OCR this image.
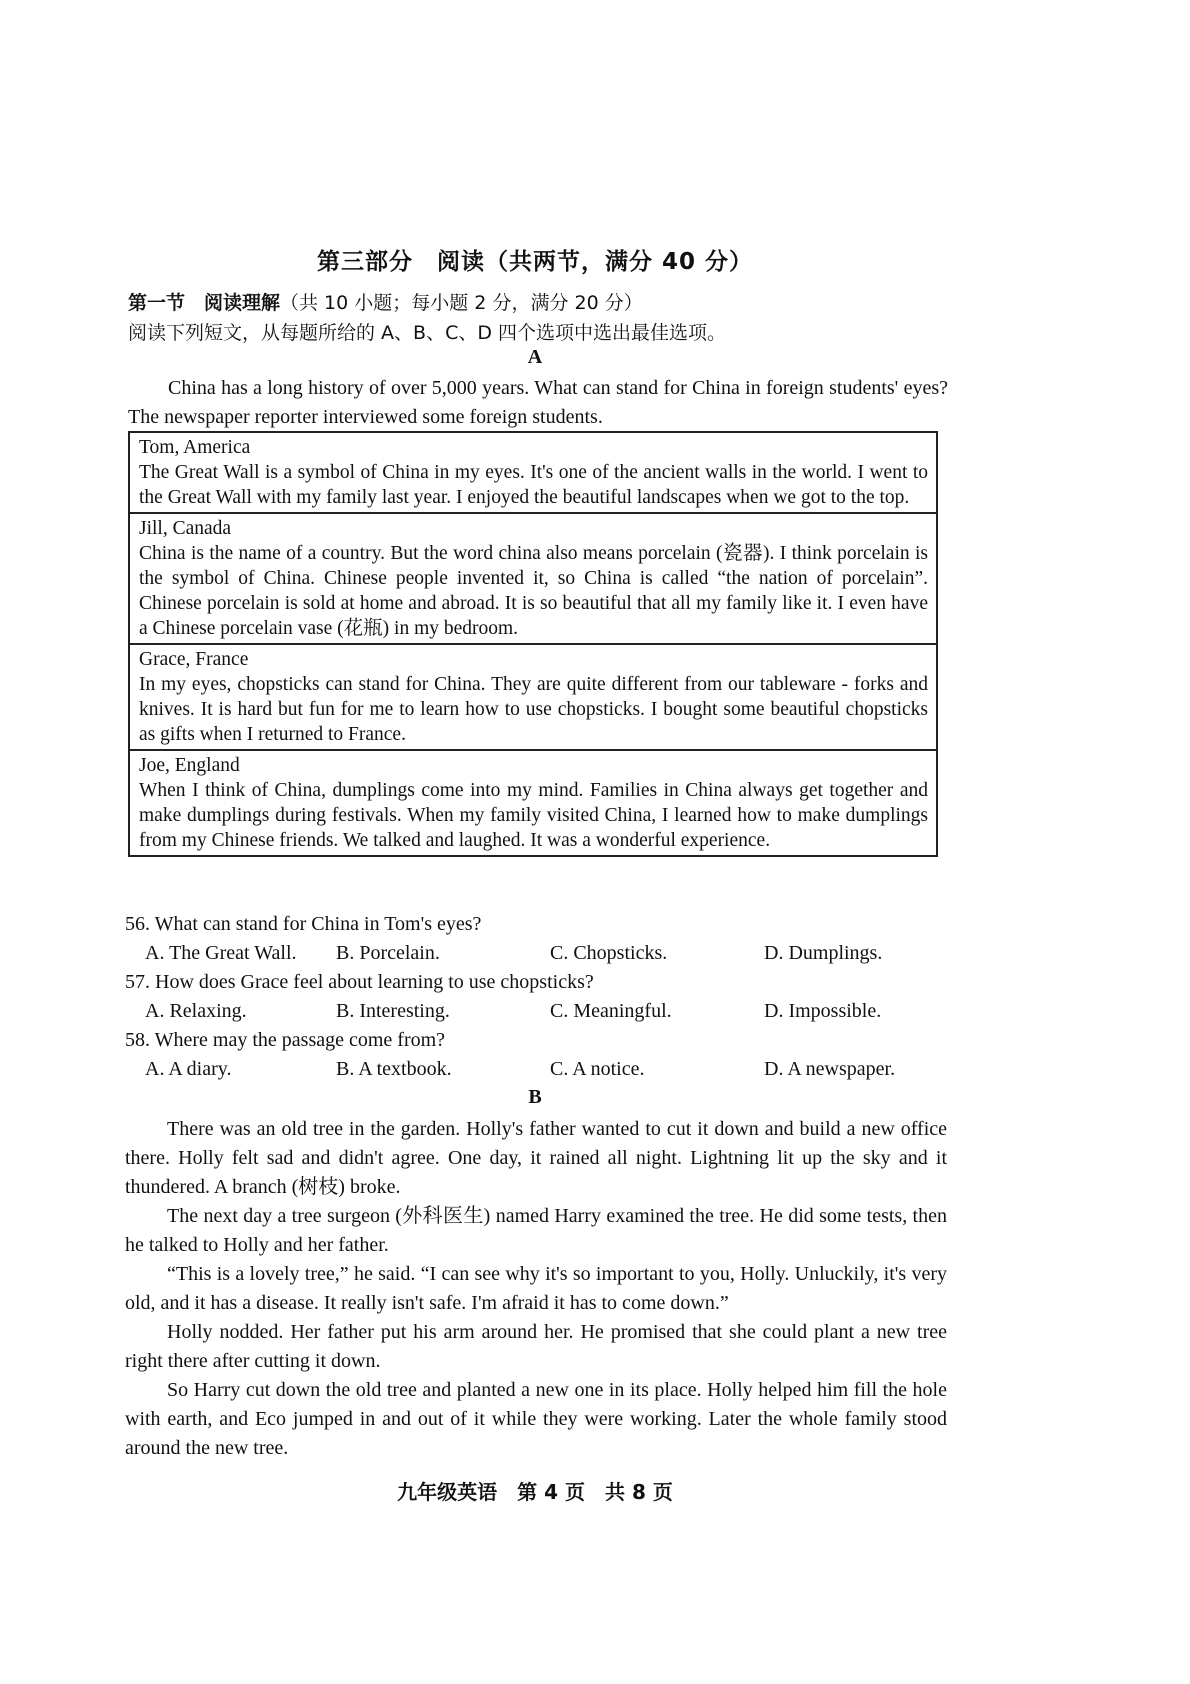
第三部分　阅读（共两节，满分 40 分）
第一节　阅读理解（共 10 小题；每小题 2 分，满分 20 分）
阅读下列短文，从每题所给的 A、B、C、D 四个选项中选出最佳选项。
A
China has a long history of over 5,000 years. What can stand for China in foreign students' eyes? The newspaper reporter interviewed some foreign students.
Tom, America
The Great Wall is a symbol of China in my eyes. It's one of the ancient walls in the world. I went to the Great Wall with my family last year. I enjoyed the beautiful landscapes when we got to the top.
Jill, Canada
China is the name of a country. But the word china also means porcelain (瓷器). I think porcelain is the symbol of China. Chinese people invented it, so China is called “the nation of porcelain”. Chinese porcelain is sold at home and abroad. It is so beautiful that all my family like it. I even have a Chinese porcelain vase (花瓶) in my bedroom.
Grace, France
In my eyes, chopsticks can stand for China. They are quite different from our tableware - forks and knives. It is hard but fun for me to learn how to use chopsticks. I bought some beautiful chopsticks as gifts when I returned to France.
Joe, England
When I think of China, dumplings come into my mind. Families in China always get together and make dumplings during festivals. When my family visited China, I learned how to make dumplings from my Chinese friends. We talked and laughed. It was a wonderful experience.
56. What can stand for China in Tom's eyes?
A. The Great Wall. B. Porcelain.	C. Chopsticks.	D. Dumplings.
57. How does Grace feel about learning to use chopsticks?
A. Relaxing.	B. Interesting.	C. Meaningful.	D. Impossible.
58. Where may the passage come from?
A. A diary.	B. A textbook.	C. A notice.	D. A newspaper.
B

There was an old tree in the garden. Holly's father wanted to cut it down and build a new office there. Holly felt sad and didn't agree. One day, it rained all night. Lightning lit up the sky and it thundered. A branch (树枝) broke.

The next day a tree surgeon (外科医生) named Harry examined the tree. He did some tests, then he talked to Holly and her father.

“This is a lovely tree,” he said. “I can see why it's so important to you, Holly. Unluckily, it's very old, and it has a disease. It really isn't safe. I'm afraid it has to come down.”

Holly nodded. Her father put his arm around her. He promised that she could plant a new tree right there after cutting it down.

So Harry cut down the old tree and planted a new one in its place. Holly helped him fill the hole with earth, and Eco jumped in and out of it while they were working. Later the whole family stood around the new tree.

九年级英语　第 4 页　共 8 页
